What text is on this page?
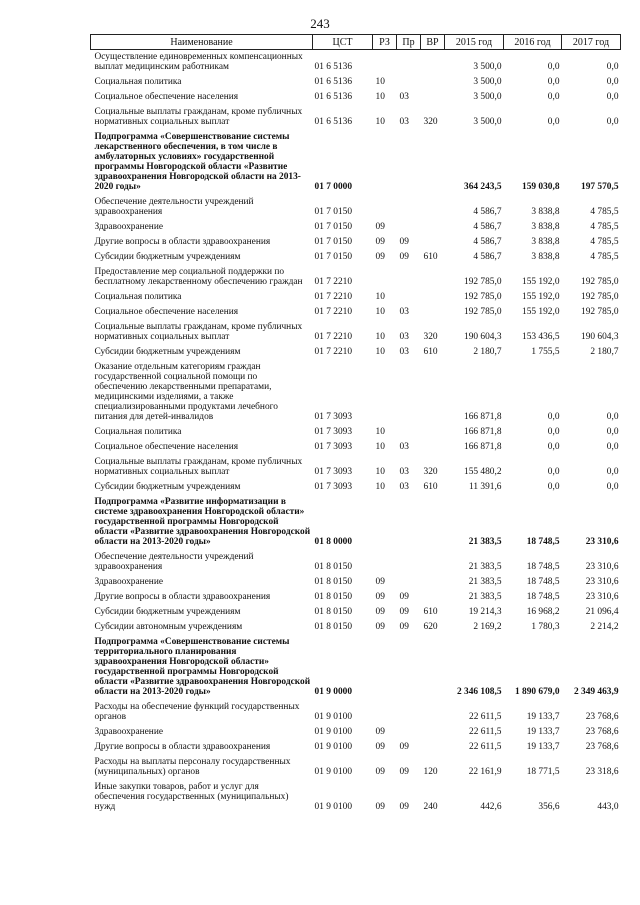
243
Наименование	ЦСТ	РЗ	Пр	ВР	2015 год	2016 год	2017 год
Осуществление единовременных компенсационных выплат медицинским работникам	01 6 5136				3 500,0	0,0	0,0
Социальная политика	01 6 5136	10			3 500,0	0,0	0,0
Социальное обеспечение населения	01 6 5136	10	03		3 500,0	0,0	0,0
Социальные выплаты гражданам, кроме публичных нормативных социальных выплат	01 6 5136	10	03	320	3 500,0	0,0	0,0
Подпрограмма «Совершенствование системы лекарственного обеспечения, в том числе в амбулаторных условиях» государственной программы Новгородской области «Развитие здравоохранения Новгородской области на 2013-2020 годы»	01 7 0000				364 243,5	159 030,8	197 570,5
Обеспечение деятельности учреждений здравоохранения	01 7 0150				4 586,7	3 838,8	4 785,5
Здравоохранение	01 7 0150	09			4 586,7	3 838,8	4 785,5
Другие вопросы в области здравоохранения	01 7 0150	09	09		4 586,7	3 838,8	4 785,5
Субсидии бюджетным учреждениям	01 7 0150	09	09	610	4 586,7	3 838,8	4 785,5
Предоставление мер социальной поддержки по бесплатному лекарственному обеспечению граждан	01 7 2210				192 785,0	155 192,0	192 785,0
Социальная политика	01 7 2210	10			192 785,0	155 192,0	192 785,0
Социальное обеспечение населения	01 7 2210	10	03		192 785,0	155 192,0	192 785,0
Социальные выплаты гражданам, кроме публичных нормативных социальных выплат	01 7 2210	10	03	320	190 604,3	153 436,5	190 604,3
Субсидии бюджетным учреждениям	01 7 2210	10	03	610	2 180,7	1 755,5	2 180,7
Оказание отдельным категориям граждан государственной социальной помощи по обеспечению лекарственными препаратами, медицинскими изделиями, а также специализированными продуктами лечебного питания для детей-инвалидов	01 7 3093				166 871,8	0,0	0,0
Социальная политика	01 7 3093	10			166 871,8	0,0	0,0
Социальное обеспечение населения	01 7 3093	10	03		166 871,8	0,0	0,0
Социальные выплаты гражданам, кроме публичных нормативных социальных выплат	01 7 3093	10	03	320	155 480,2	0,0	0,0
Субсидии бюджетным учреждениям	01 7 3093	10	03	610	11 391,6	0,0	0,0
Подпрограмма «Развитие информатизации в системе здравоохранения Новгородской области» государственной программы Новгородской области «Развитие здравоохранения Новгородской области на 2013-2020 годы»	01 8 0000				21 383,5	18 748,5	23 310,6
Обеспечение деятельности учреждений здравоохранения	01 8 0150				21 383,5	18 748,5	23 310,6
Здравоохранение	01 8 0150	09			21 383,5	18 748,5	23 310,6
Другие вопросы в области здравоохранения	01 8 0150	09	09		21 383,5	18 748,5	23 310,6
Субсидии бюджетным учреждениям	01 8 0150	09	09	610	19 214,3	16 968,2	21 096,4
Субсидии автономным учреждениям	01 8 0150	09	09	620	2 169,2	1 780,3	2 214,2
Подпрограмма «Совершенствование системы территориального планирования здравоохранения Новгородской области» государственной программы Новгородской области «Развитие здравоохранения Новгородской области на 2013-2020 годы»	01 9 0000				2 346 108,5	1 890 679,0	2 349 463,9
Расходы на обеспечение функций государственных органов	01 9 0100				22 611,5	19 133,7	23 768,6
Здравоохранение	01 9 0100	09			22 611,5	19 133,7	23 768,6
Другие вопросы в области здравоохранения	01 9 0100	09	09		22 611,5	19 133,7	23 768,6
Расходы на выплаты персоналу государственных (муниципальных) органов	01 9 0100	09	09	120	22 161,9	18 771,5	23 318,6
Иные закупки товаров, работ и услуг для обеспечения государственных (муниципальных) нужд	01 9 0100	09	09	240	442,6	356,6	443,0
